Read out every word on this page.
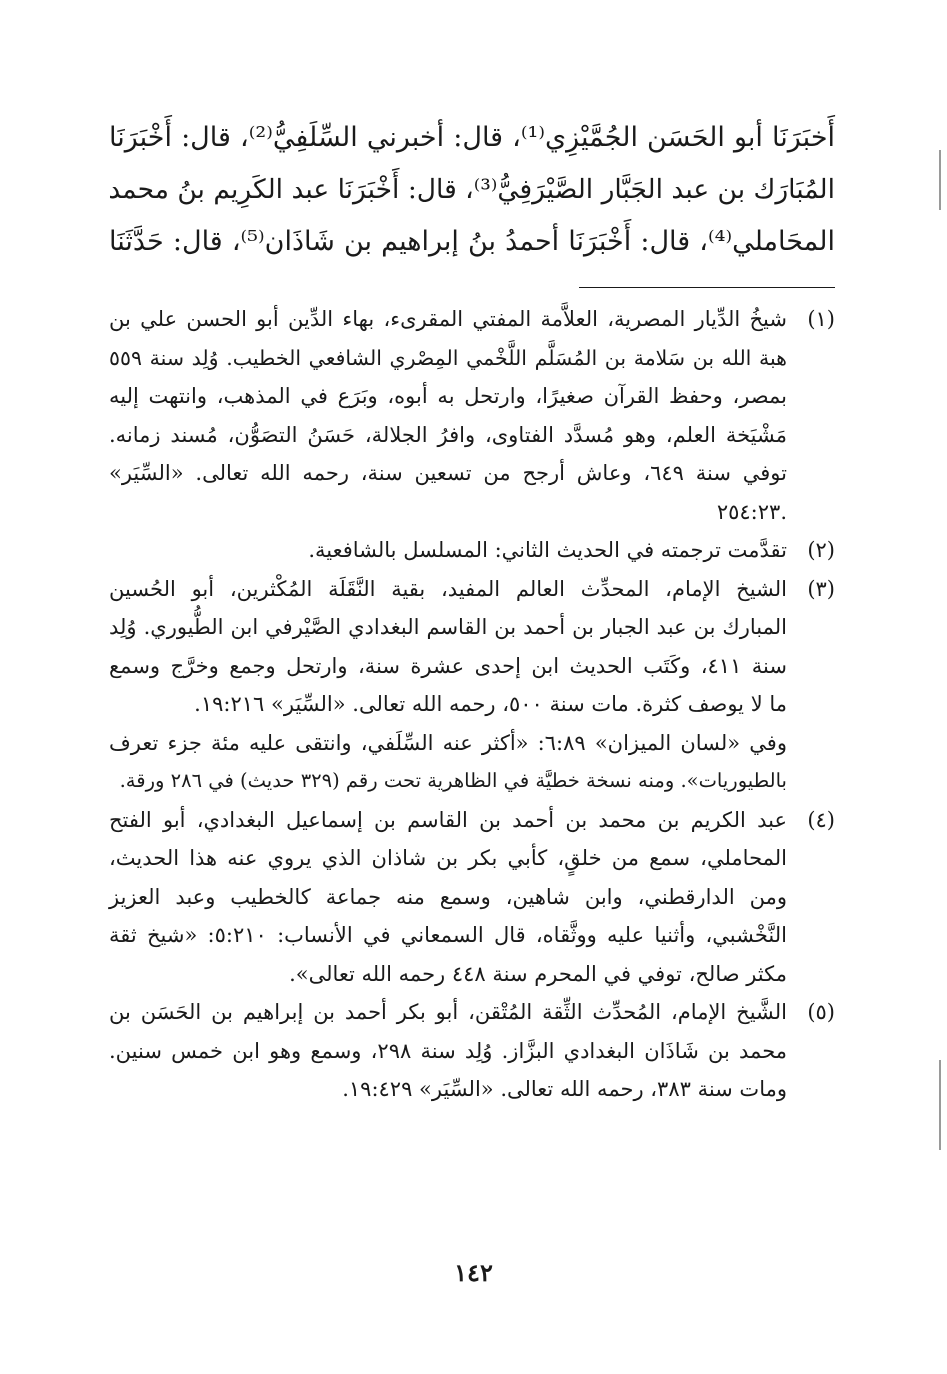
أَخبَرَنَا أبو الحَسَن الجُمَّيْزِي⁽¹⁾، قال: أخبرني السِّلَفِيُّ⁽²⁾، قال: أَخْبَرَنَا
المُبَارَك بن عبد الجَبَّار الصَّيْرَفِيُّ⁽³⁾، قال: أَخْبَرَنَا عبد الكَرِيم بنُ محمد
المحَاملي⁽⁴⁾، قال: أَخْبَرَنَا أحمدُ بنُ إبراهيم بن شَاذَان⁽⁵⁾، قال: حَدَّثَنَا
(١)
شيخُ الدِّيار المصرية، العلاَّمة المفتي المقرىء، بهاء الدِّين أبو الحسن علي بن
هبة الله بن سَلامة بن المُسَلَّم اللَّخْمي المِصْري الشافعي الخطيب. وُلِد سنة ٥٥٩
بمصر، وحفظ القرآن صغيرًا، وارتحل به أبوه، وبَرَع في المذهب، وانتهت إليه
مَشْيَخة العلم، وهو مُسدَّد الفتاوى، وافرُ الجلالة، حَسَنُ التصَوُّن، مُسند زمانه.
توفي سنة ٦٤٩، وعاش أرجح من تسعين سنة، رحمه الله تعالى. «السِّيَر»
.٢٥٤:٢٣
(٢)
تقدَّمت ترجمته في الحديث الثاني: المسلسل بالشافعية.
(٣)
الشيخ الإمام، المحدِّث العالم المفيد، بقية النَّقَلَة المُكْثرين، أبو الحُسين
المبارك بن عبد الجبار بن أحمد بن القاسم البغدادي الصَّيْرفي ابن الطُّيوري. وُلِد
سنة ٤١١، وكَتَب الحديث ابن إحدى عشرة سنة، وارتحل وجمع وخرَّج وسمع
ما لا يوصف كثرة. مات سنة ٥٠٠، رحمه الله تعالى. «السِّيَر» ١٩:٢١٦.
وفي «لسان الميزان» ٦:٨٩: «أكثر عنه السِّلَفي، وانتقى عليه مئة جزء تعرف
بالطيوريات». ومنه نسخة خطيَّة في الظاهرية تحت رقم (٣٢٩ حديث) في ٢٨٦ ورقة.
(٤)
عبد الكريم بن محمد بن أحمد بن القاسم بن إسماعيل البغدادي، أبو الفتح
المحاملي، سمع من خلقٍ، كأبي بكر بن شاذان الذي يروي عنه هذا الحديث،
ومن الدارقطني، وابن شاهين، وسمع منه جماعة كالخطيب وعبد العزيز
النَّخْشبي، وأثنيا عليه ووثَّقاه، قال السمعاني في الأنساب: ٥:٢١٠: «شيخ ثقة
مكثر صالح، توفي في المحرم سنة ٤٤٨ رحمه الله تعالى».
(٥)
الشَّيخ الإمام، المُحدِّث الثِّقة المُتْقن، أبو بكر أحمد بن إبراهيم بن الحَسَن بن
محمد بن شَاذَان البغدادي البزَّاز. وُلِد سنة ٢٩٨، وسمع وهو ابن خمس سنين.
ومات سنة ٣٨٣، رحمه الله تعالى. «السِّيَر» ١٩:٤٢٩.
١٤٢
